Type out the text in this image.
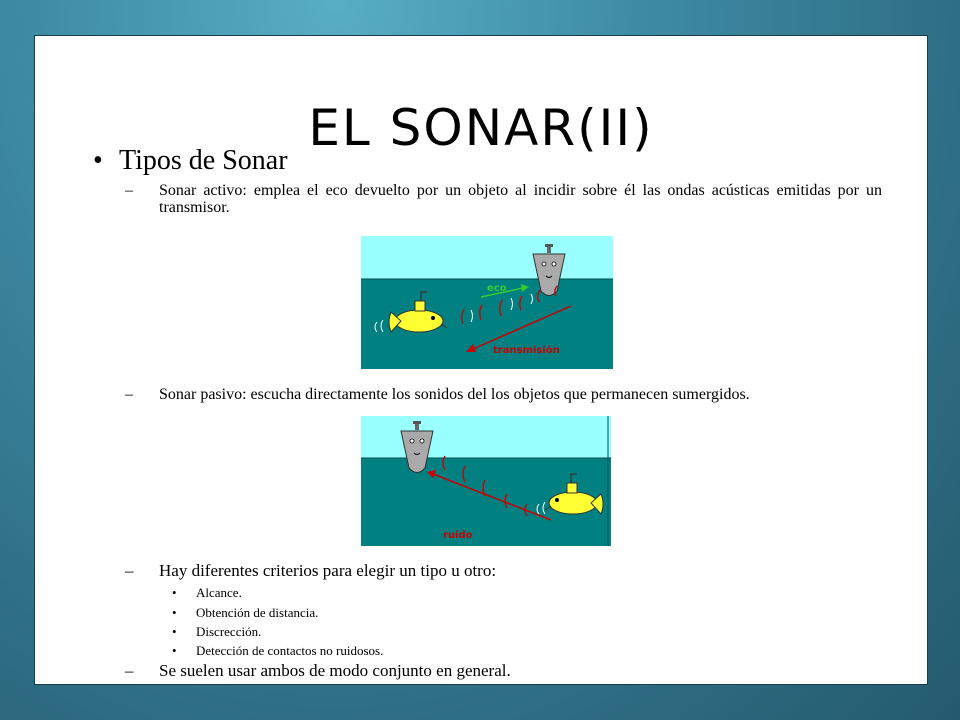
EL SONAR(II)
• Tipos de Sonar
– Sonar activo: emplea el eco devuelto por un objeto al incidir sobre él las ondas acústicas emitidas por un transmisor.
eco
transmisión
– Sonar pasivo: escucha directamente los sonidos del los objetos que permanecen sumergidos.
ruido
– Hay diferentes criterios para elegir un tipo u otro:
• Alcance.
• Obtención de distancia.
• Discrección.
• Detección de contactos no ruidosos.
– Se suelen usar ambos de modo conjunto en general.
